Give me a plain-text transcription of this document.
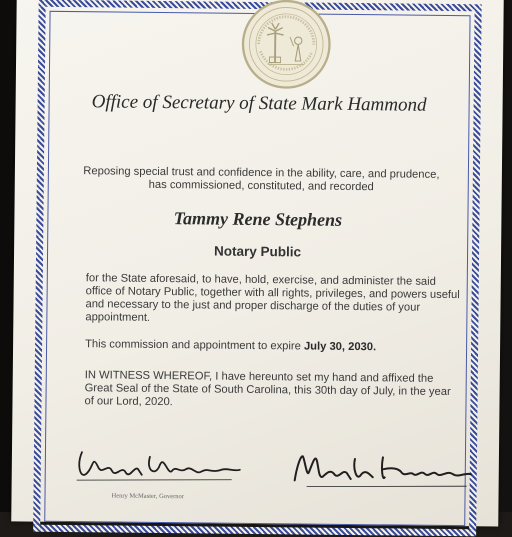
Office of Secretary of State Mark Hammond
Reposing special trust and confidence in the ability, care, and prudence,
has commissioned, constituted, and recorded
Tammy Rene Stephens
Notary Public
for the State aforesaid, to have, hold, exercise, and administer the said office of Notary Public, together with all rights, privileges, and powers useful and necessary to the just and proper discharge of the duties of your appointment.
This commission and appointment to expire July 30, 2030.
IN WITNESS WHEREOF, I have hereunto set my hand and affixed the Great Seal of the State of South Carolina, this 30th day of July, in the year of our Lord, 2020.
Henry McMaster, Governor
